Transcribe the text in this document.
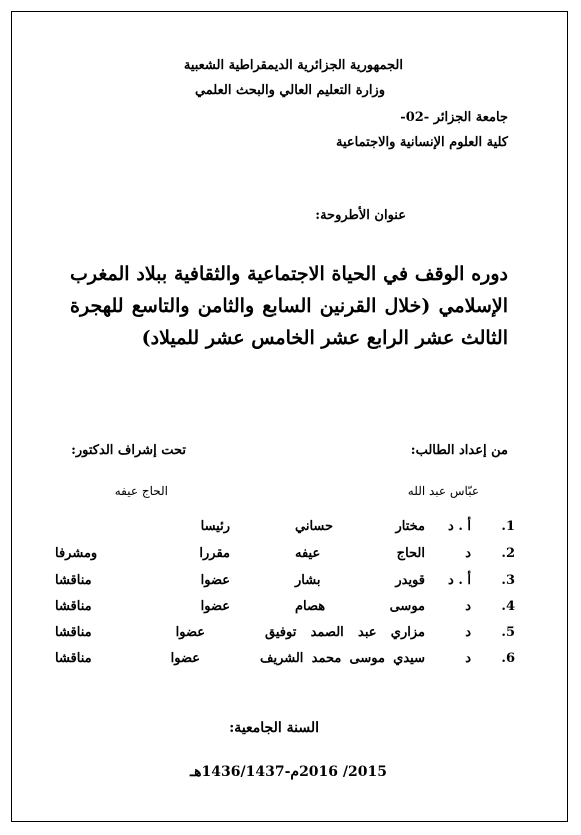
الجمهورية الجزائرية الديمقراطية الشعبية
وزارة التعليم العالي والبحث العلمي
جامعة الجزائر -02-
كلية العلوم الإنسانية والاجتماعية
عنوان الأطروحة:
دوره الوقف في الحياة الاجتماعية والثقافية ببلاد المغرب الإسلامي (خلال القرنين السابع والثامن والتاسع للهجرة الثالث عشر الرابع عشر الخامس عشر للميلاد)
من إعداد الطالب:
تحت إشراف الدكتور:
عبّاس عبد الله
الحاج عيفه
1.
أ . د
مختار حساني
رئيسا
2.
د
الحاج عيفه
مقررا ومشرفا
3.
أ . د
قويدر بشار
عضوا مناقشا
4.
د
موسى هصام
عضوا مناقشا
5.
د
مزاري عبد الصمد توفيق
عضوا مناقشا
6.
د
سيدي موسى محمد الشريف
عضوا مناقشا
السنة الجامعية:
2015/ 2016م-1436/1437هـ
